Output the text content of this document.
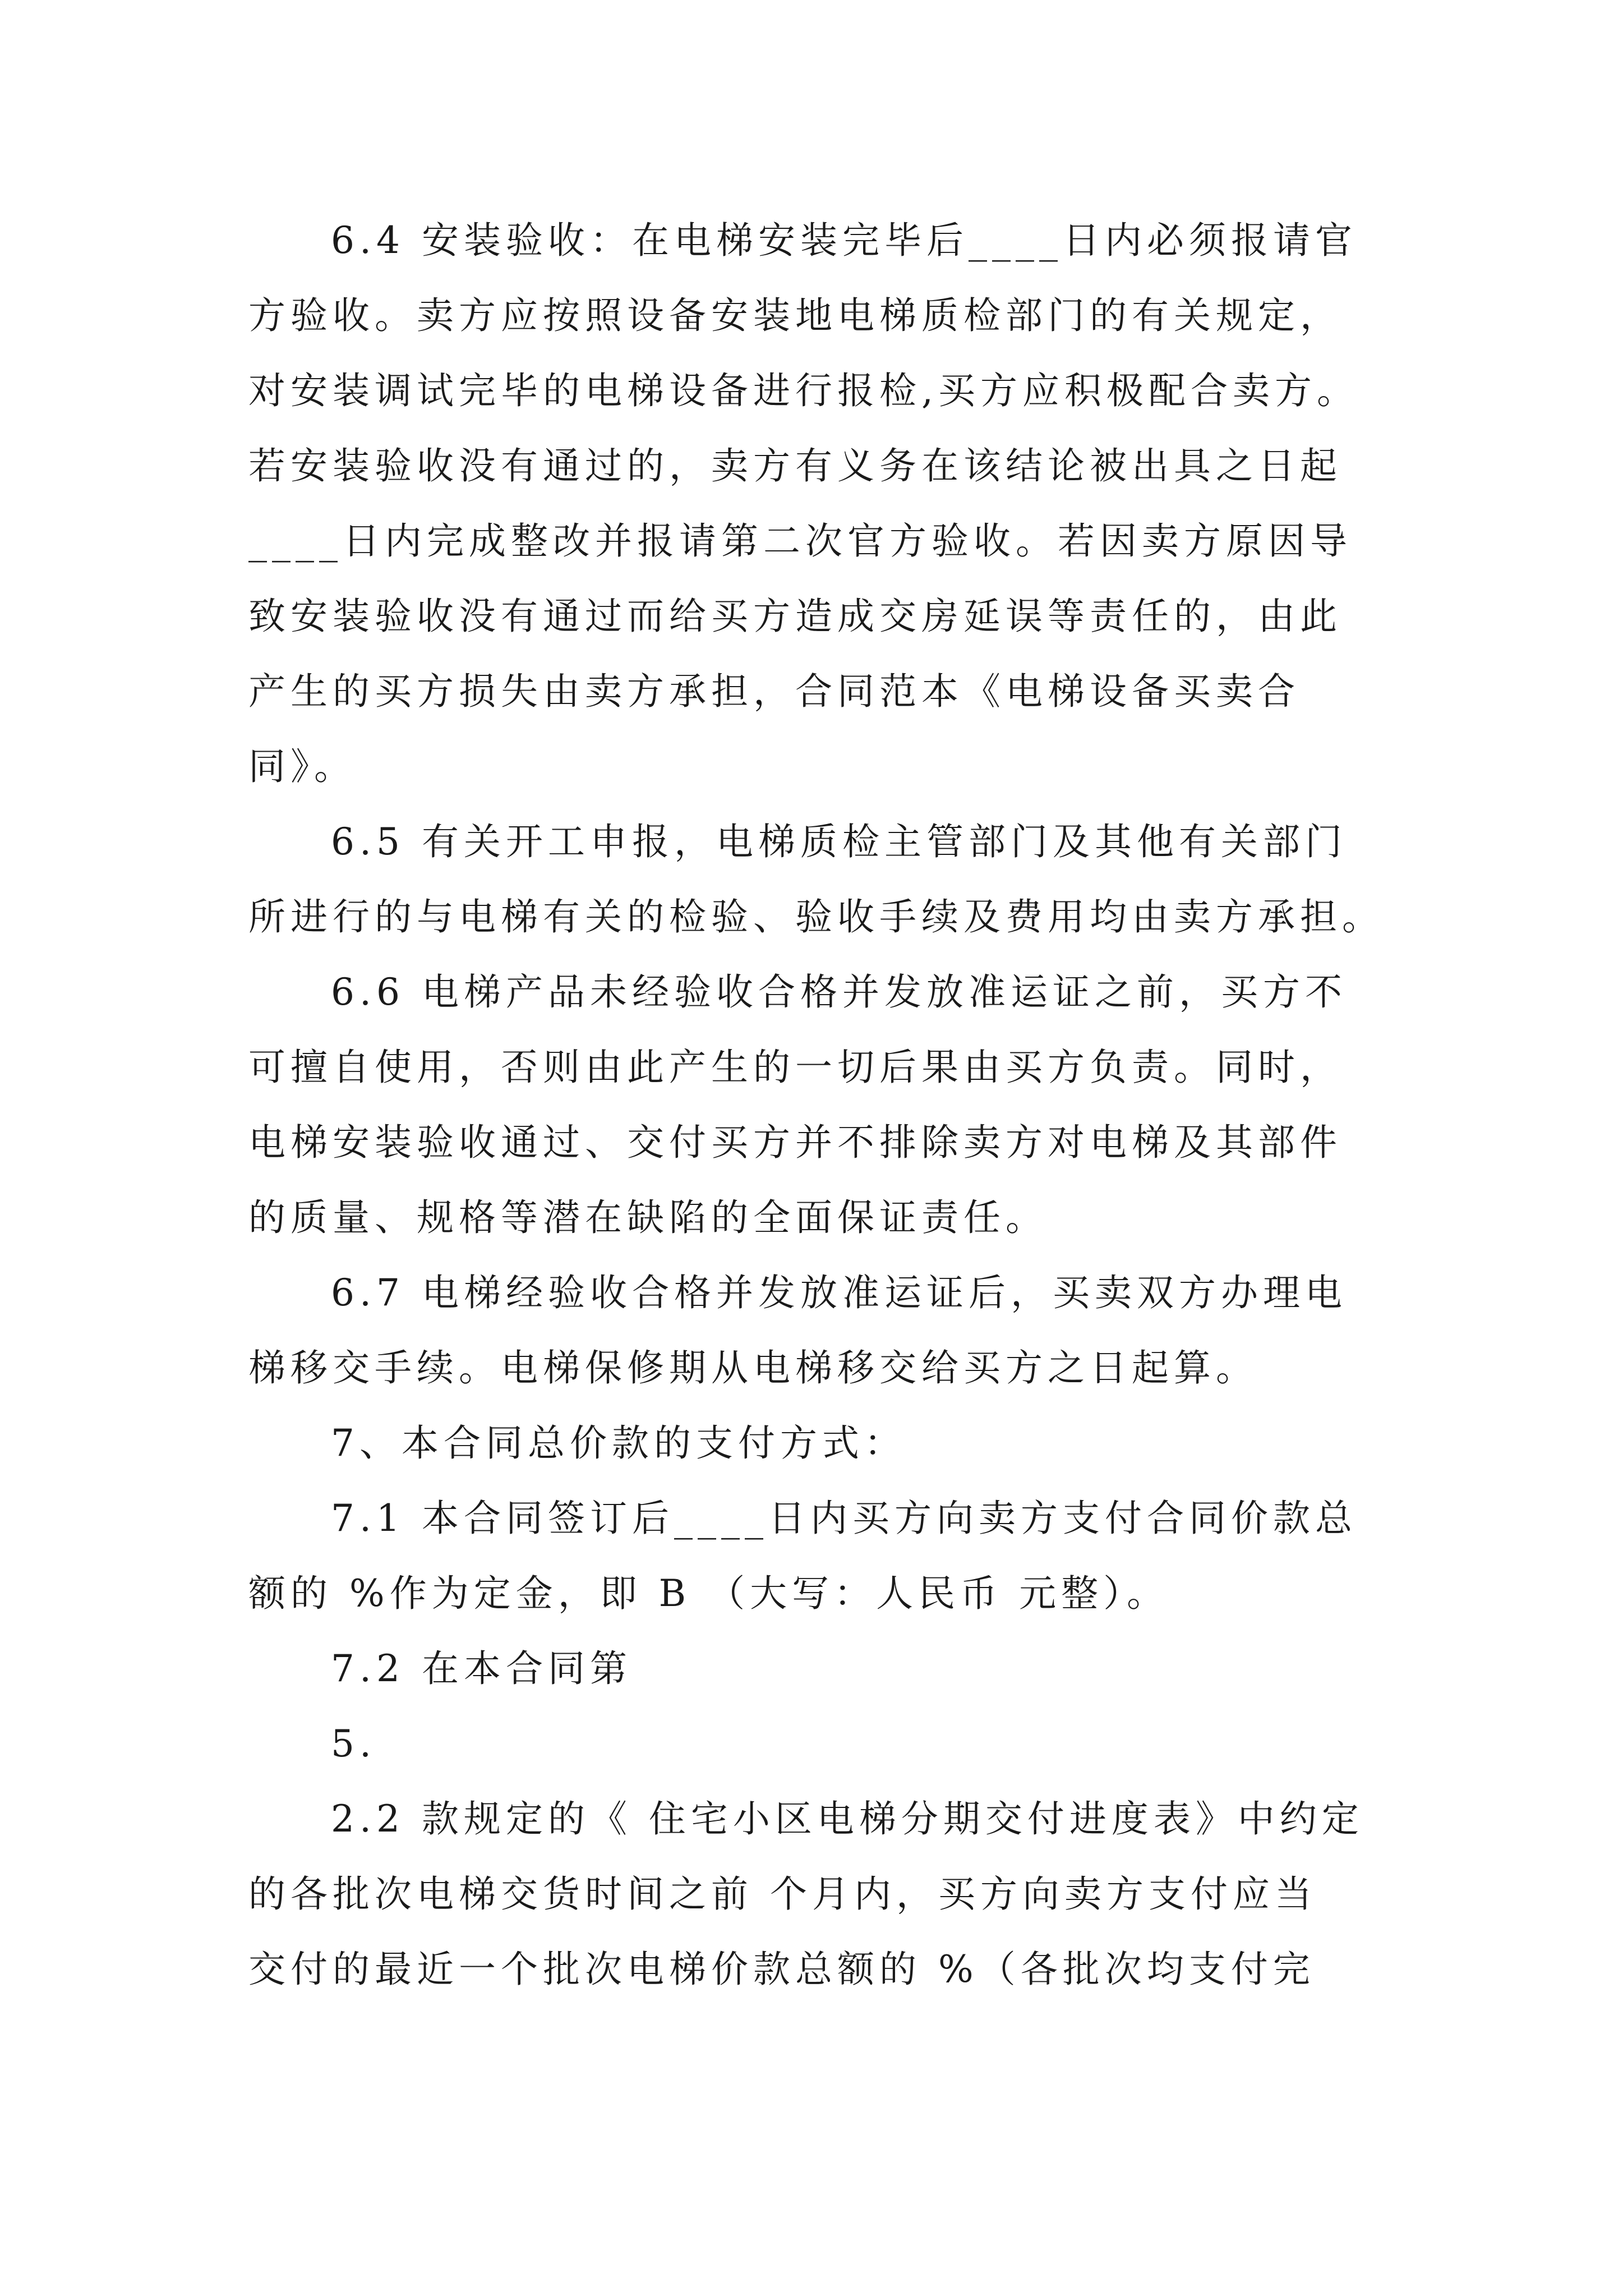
6.4 安装验收：在电梯安装完毕后____日内必须报请官
方验收。卖方应按照设备安装地电梯质检部门的有关规定，
对安装调试完毕的电梯设备进行报检,买方应积极配合卖方。
若安装验收没有通过的，卖方有义务在该结论被出具之日起
____日内完成整改并报请第二次官方验收。若因卖方原因导
致安装验收没有通过而给买方造成交房延误等责任的，由此
产生的买方损失由卖方承担，合同范本《电梯设备买卖合
同》。
6.5 有关开工申报，电梯质检主管部门及其他有关部门
所进行的与电梯有关的检验、验收手续及费用均由卖方承担。
6.6 电梯产品未经验收合格并发放准运证之前，买方不
可擅自使用，否则由此产生的一切后果由买方负责。同时，
电梯安装验收通过、交付买方并不排除卖方对电梯及其部件
的质量、规格等潜在缺陷的全面保证责任。
6.7 电梯经验收合格并发放准运证后，买卖双方办理电
梯移交手续。电梯保修期从电梯移交给买方之日起算。
7、本合同总价款的支付方式：
7.1 本合同签订后____日内买方向卖方支付合同价款总
额的 %作为定金，即 B （大写：人民币 元整）。
7.2 在本合同第
5.
2.2 款规定的《 住宅小区电梯分期交付进度表》中约定
的各批次电梯交货时间之前 个月内，买方向卖方支付应当
交付的最近一个批次电梯价款总额的 %（各批次均支付完
